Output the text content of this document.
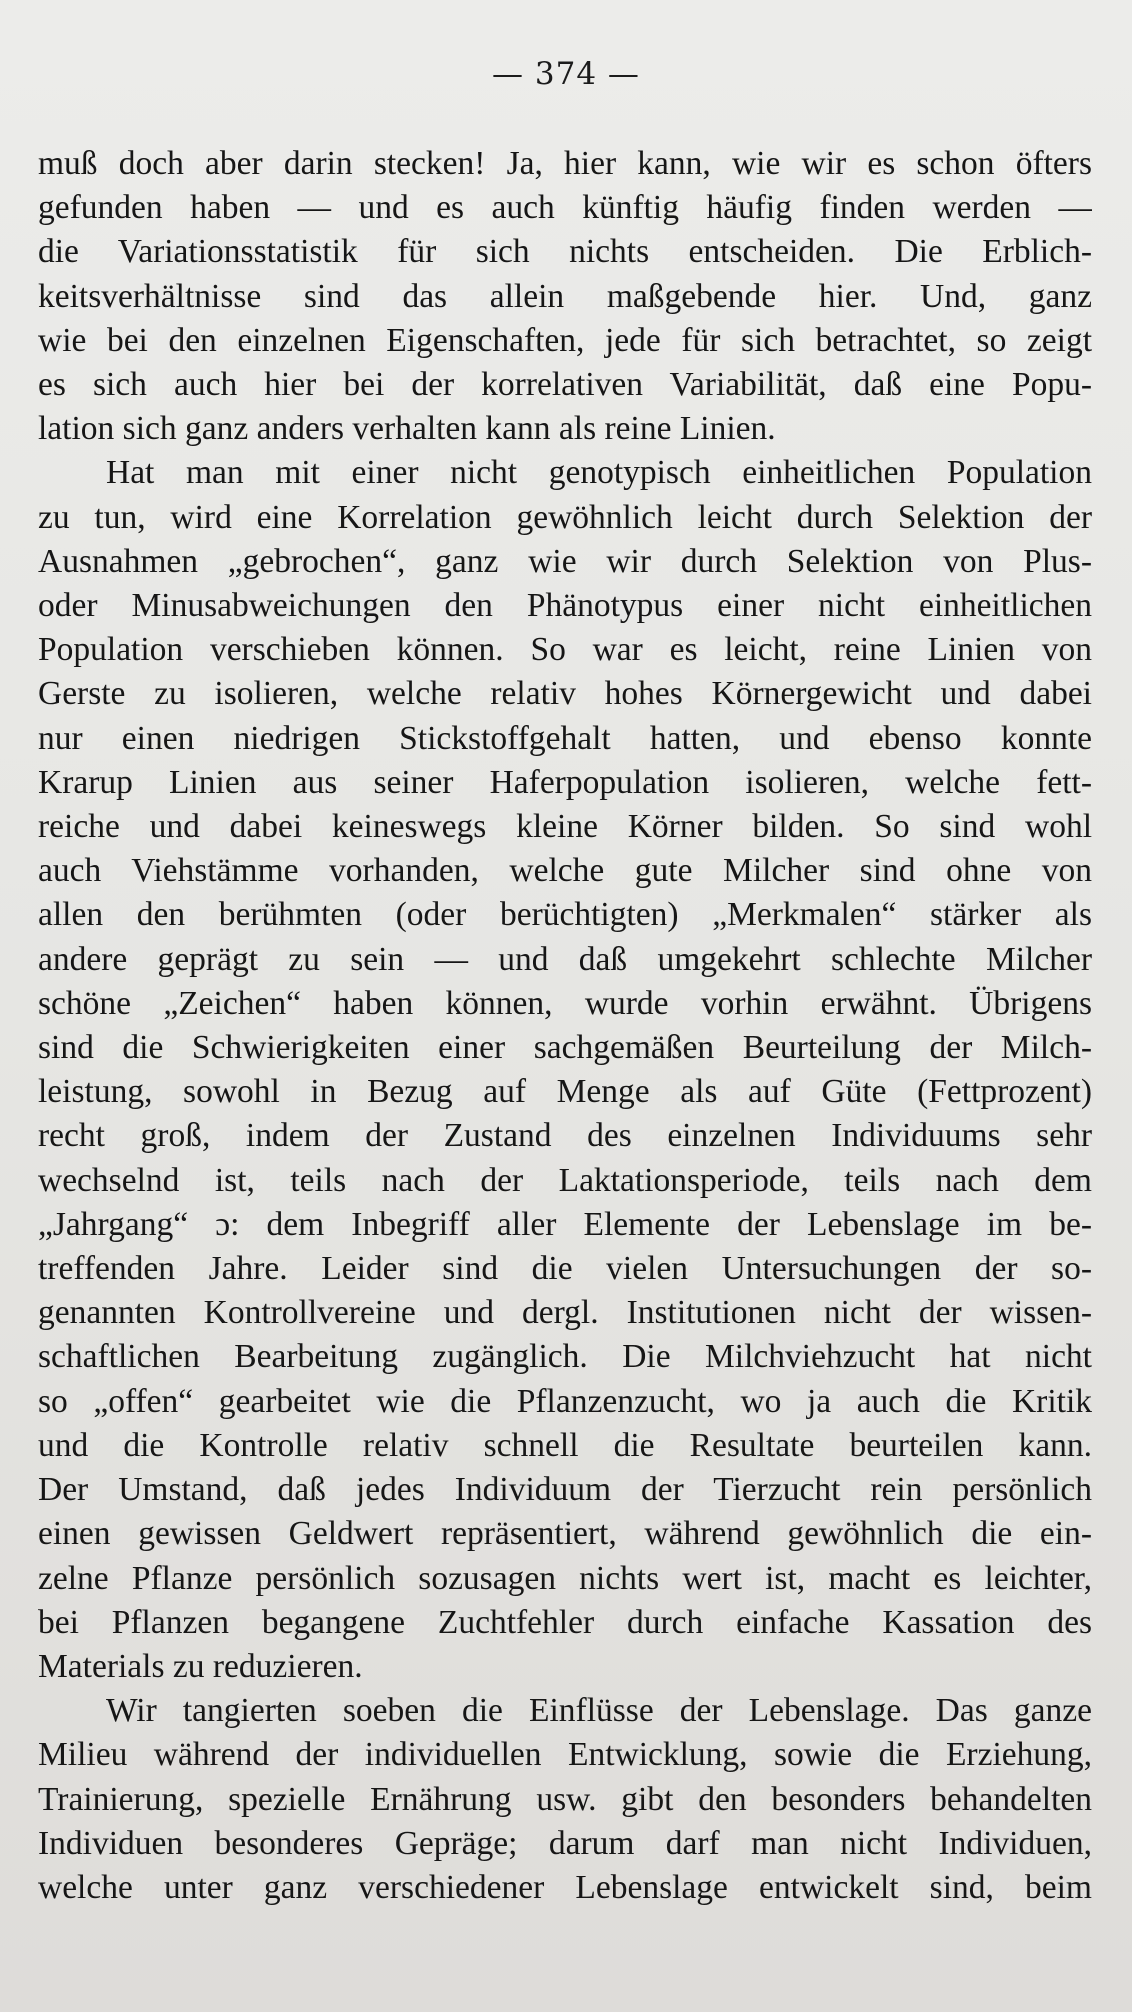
— 374 —

muß doch aber darin stecken! Ja, hier kann, wie wir es schon öfters
gefunden haben — und es auch künftig häufig finden werden —
die Variationsstatistik für sich nichts entscheiden. Die Erblich-
keitsverhältnisse sind das allein maßgebende hier. Und, ganz
wie bei den einzelnen Eigenschaften, jede für sich betrachtet, so zeigt
es sich auch hier bei der korrelativen Variabilität, daß eine Popu-
lation sich ganz anders verhalten kann als reine Linien.

Hat man mit einer nicht genotypisch einheitlichen Population
zu tun, wird eine Korrelation gewöhnlich leicht durch Selektion der
Ausnahmen „gebrochen“, ganz wie wir durch Selektion von Plus-
oder Minusabweichungen den Phänotypus einer nicht einheitlichen
Population verschieben können. So war es leicht, reine Linien von
Gerste zu isolieren, welche relativ hohes Körnergewicht und dabei
nur einen niedrigen Stickstoffgehalt hatten, und ebenso konnte
Krarup Linien aus seiner Haferpopulation isolieren, welche fett-
reiche und dabei keineswegs kleine Körner bilden. So sind wohl
auch Viehstämme vorhanden, welche gute Milcher sind ohne von
allen den berühmten (oder berüchtigten) „Merkmalen“ stärker als
andere geprägt zu sein — und daß umgekehrt schlechte Milcher
schöne „Zeichen“ haben können, wurde vorhin erwähnt. Übrigens
sind die Schwierigkeiten einer sachgemäßen Beurteilung der Milch-
leistung, sowohl in Bezug auf Menge als auf Güte (Fettprozent)
recht groß, indem der Zustand des einzelnen Individuums sehr
wechselnd ist, teils nach der Laktationsperiode, teils nach dem
„Jahrgang“ ɔ: dem Inbegriff aller Elemente der Lebenslage im be-
treffenden Jahre. Leider sind die vielen Untersuchungen der so-
genannten Kontrollvereine und dergl. Institutionen nicht der wissen-
schaftlichen Bearbeitung zugänglich. Die Milchviehzucht hat nicht
so „offen“ gearbeitet wie die Pflanzenzucht, wo ja auch die Kritik
und die Kontrolle relativ schnell die Resultate beurteilen kann.
Der Umstand, daß jedes Individuum der Tierzucht rein persönlich
einen gewissen Geldwert repräsentiert, während gewöhnlich die ein-
zelne Pflanze persönlich sozusagen nichts wert ist, macht es leichter,
bei Pflanzen begangene Zuchtfehler durch einfache Kassation des
Materials zu reduzieren.

Wir tangierten soeben die Einflüsse der Lebenslage. Das ganze
Milieu während der individuellen Entwicklung, sowie die Erziehung,
Trainierung, spezielle Ernährung usw. gibt den besonders behandelten
Individuen besonderes Gepräge; darum darf man nicht Individuen,
welche unter ganz verschiedener Lebenslage entwickelt sind, beim
